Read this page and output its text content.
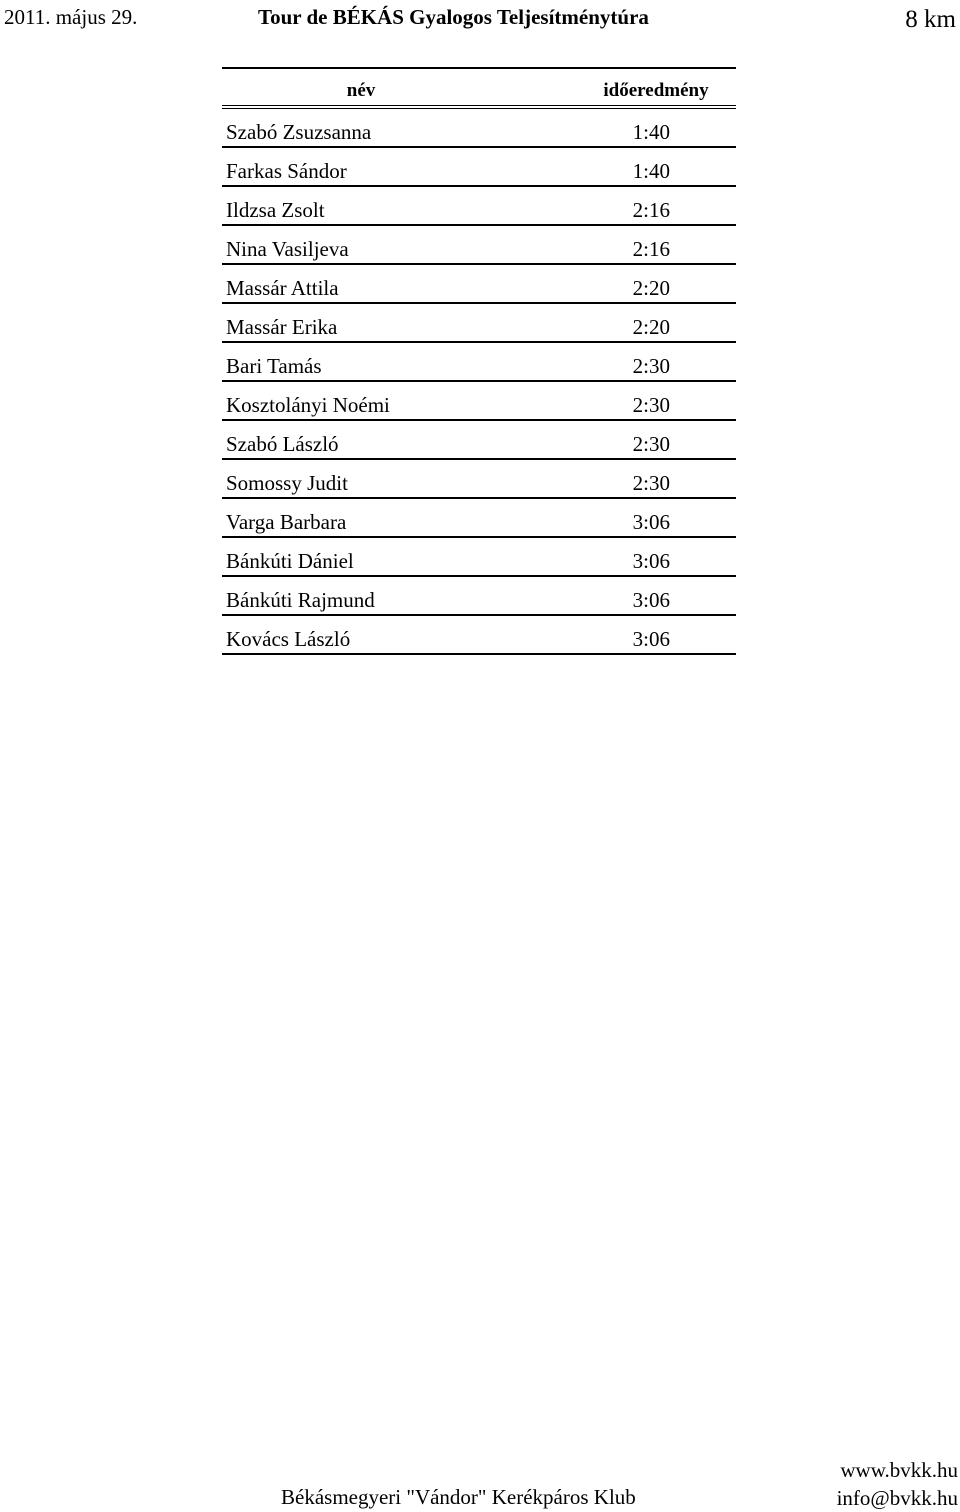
2011. május 29.	Tour de BÉKÁS Gyalogos Teljesítménytúra	8 km
név	időeredmény
Szabó Zsuzsanna	1:40
Farkas Sándor	1:40
Ildzsa Zsolt	2:16
Nina Vasiljeva	2:16
Massár Attila	2:20
Massár Erika	2:20
Bari Tamás	2:30
Kosztolányi Noémi	2:30
Szabó László	2:30
Somossy Judit	2:30
Varga Barbara	3:06
Bánkúti Dániel	3:06
Bánkúti Rajmund	3:06
Kovács László	3:06
Békásmegyeri "Vándor" Kerékpáros Klub
www.bvkk.hu
info@bvkk.hu
